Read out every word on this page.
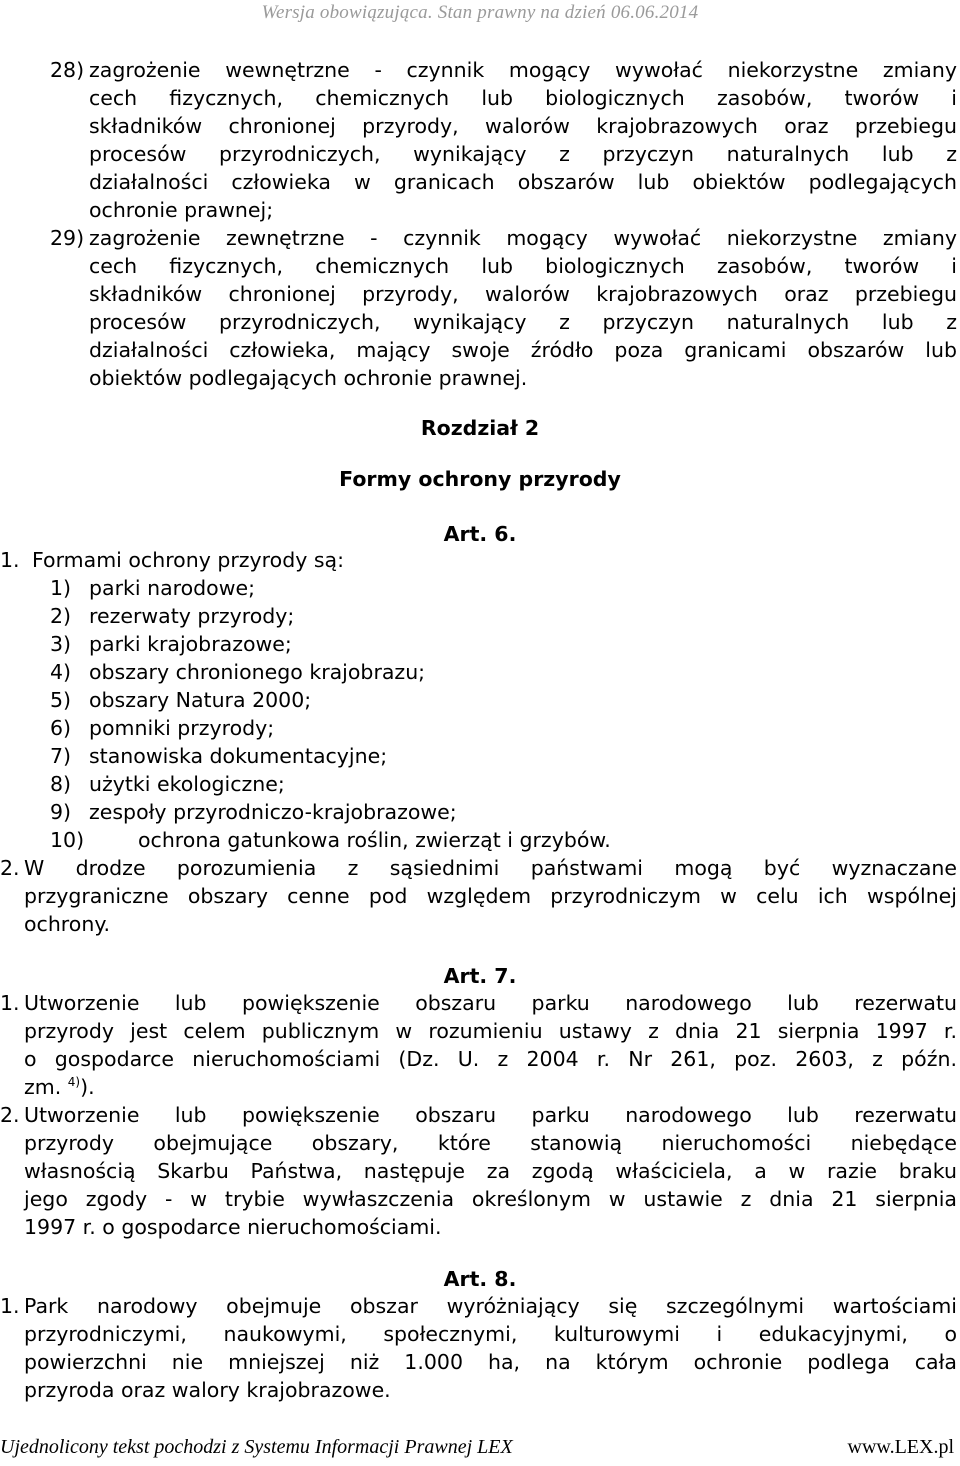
Wersja obowiązująca. Stan prawny na dzień 06.06.2014
28) zagrożenie wewnętrzne - czynnik mogący wywołać niekorzystne zmiany
cech fizycznych, chemicznych lub biologicznych zasobów, tworów i
składników chronionej przyrody, walorów krajobrazowych oraz przebiegu
procesów przyrodniczych, wynikający z przyczyn naturalnych lub z
działalności człowieka w granicach obszarów lub obiektów podlegających
ochronie prawnej;
29) zagrożenie zewnętrzne - czynnik mogący wywołać niekorzystne zmiany
cech fizycznych, chemicznych lub biologicznych zasobów, tworów i
składników chronionej przyrody, walorów krajobrazowych oraz przebiegu
procesów przyrodniczych, wynikający z przyczyn naturalnych lub z
działalności człowieka, mający swoje źródło poza granicami obszarów lub
obiektów podlegających ochronie prawnej.
Rozdział 2
Formy ochrony przyrody
Art. 6.
1. Formami ochrony przyrody są:
1) parki narodowe;
2) rezerwaty przyrody;
3) parki krajobrazowe;
4) obszary chronionego krajobrazu;
5) obszary Natura 2000;
6) pomniki przyrody;
7) stanowiska dokumentacyjne;
8) użytki ekologiczne;
9) zespoły przyrodniczo-krajobrazowe;
10)	ochrona gatunkowa roślin, zwierząt i grzybów.
2. W drodze porozumienia z sąsiednimi państwami mogą być wyznaczane
przygraniczne obszary cenne pod względem przyrodniczym w celu ich wspólnej
ochrony.
Art. 7.
1. Utworzenie lub powiększenie obszaru parku narodowego lub rezerwatu
przyrody jest celem publicznym w rozumieniu ustawy z dnia 21 sierpnia 1997 r.
o gospodarce nieruchomościami (Dz. U. z 2004 r. Nr 261, poz. 2603, z późn.
zm. $^{4)}$).
2. Utworzenie lub powiększenie obszaru parku narodowego lub rezerwatu
przyrody obejmujące obszary, które stanowią nieruchomości niebędące
własnością Skarbu Państwa, następuje za zgodą właściciela, a w razie braku
jego zgody - w trybie wywłaszczenia określonym w ustawie z dnia 21 sierpnia
1997 r. o gospodarce nieruchomościami.
Art. 8.
1. Park narodowy obejmuje obszar wyróżniający się szczególnymi wartościami
przyrodniczymi, naukowymi, społecznymi, kulturowymi i edukacyjnymi, o
powierzchni nie mniejszej niż 1.000 ha, na którym ochronie podlega cała
przyroda oraz walory krajobrazowe.
Ujednolicony tekst pochodzi z Systemu Informacji Prawnej LEX	www.LEX.pl
